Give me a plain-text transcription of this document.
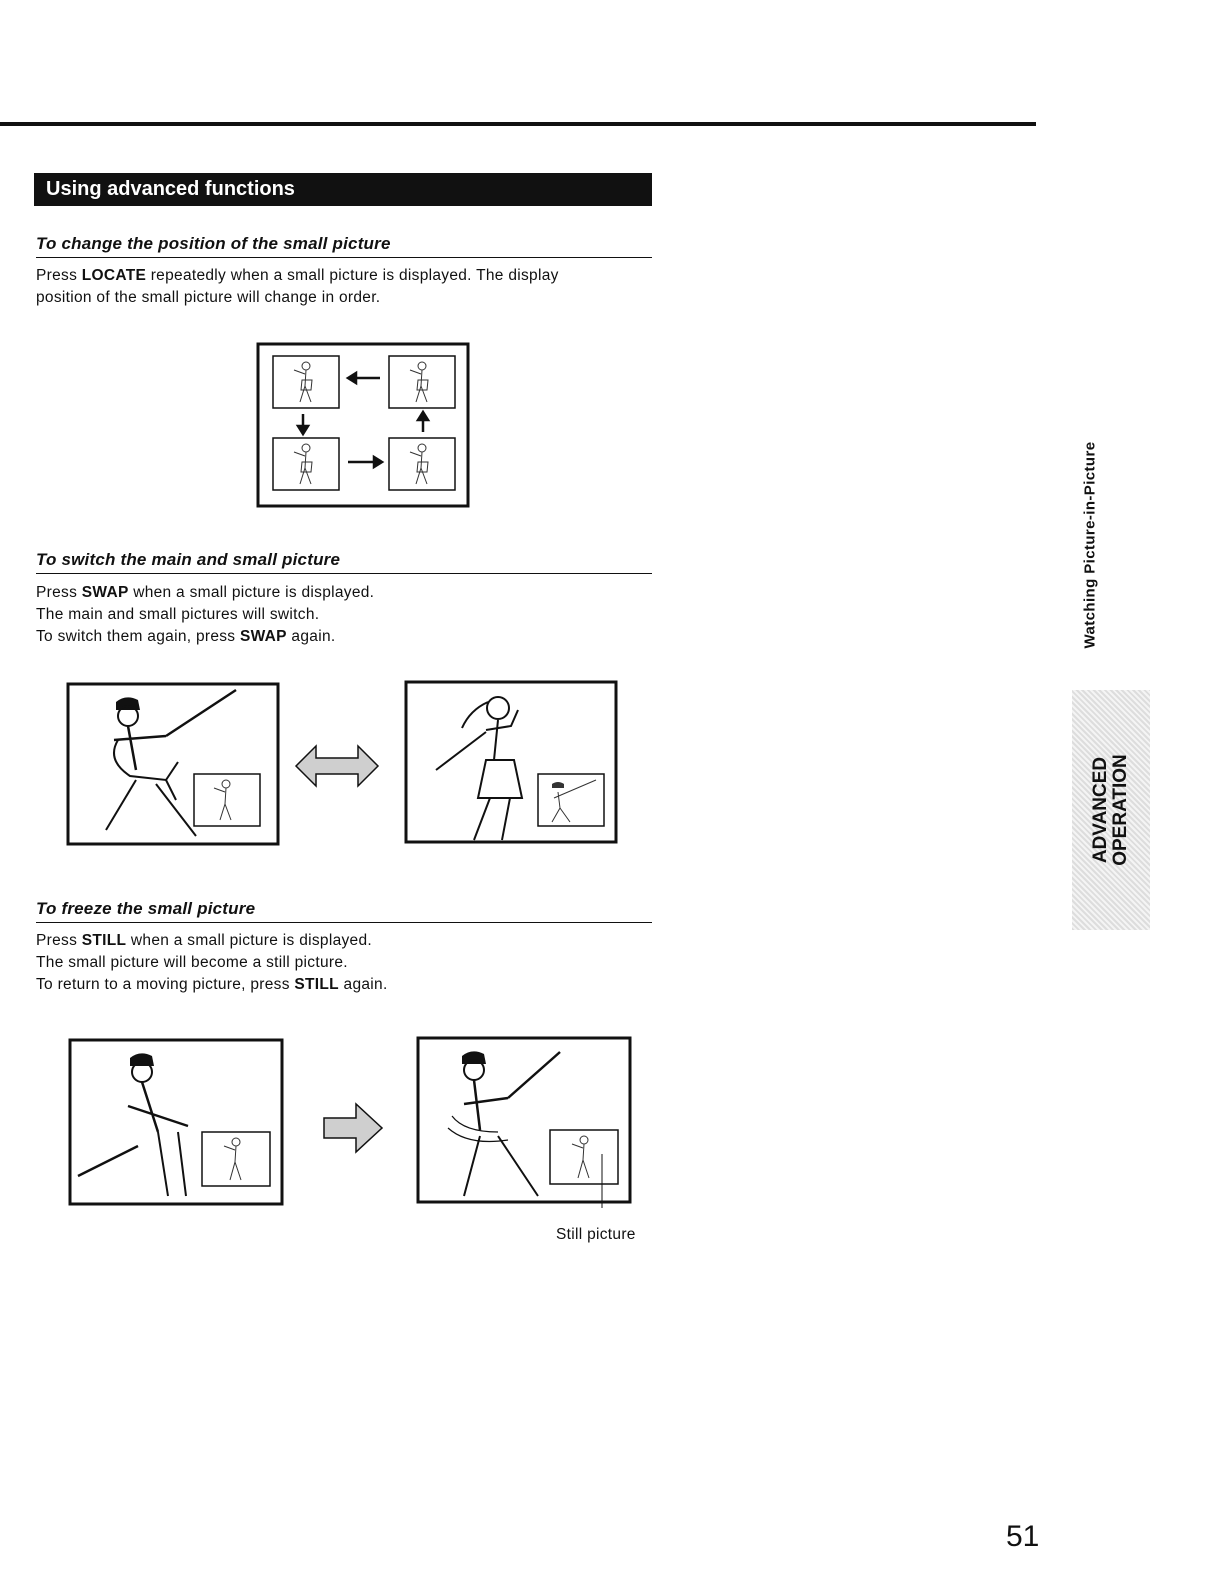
Using advanced functions
To change the position of the small picture
Press LOCATE repeatedly when a small picture is displayed. The display
position of the small picture will change in order.
To switch the main and small picture
Press SWAP when a small picture is displayed.
The main and small pictures will switch.
To switch them again, press SWAP again.
To freeze the small picture
Press STILL when a small picture is displayed.
The small picture will become a still picture.
To return to a moving picture, press STILL again.
Still picture
Watching Picture-in-Picture
ADVANCED OPERATION
51
